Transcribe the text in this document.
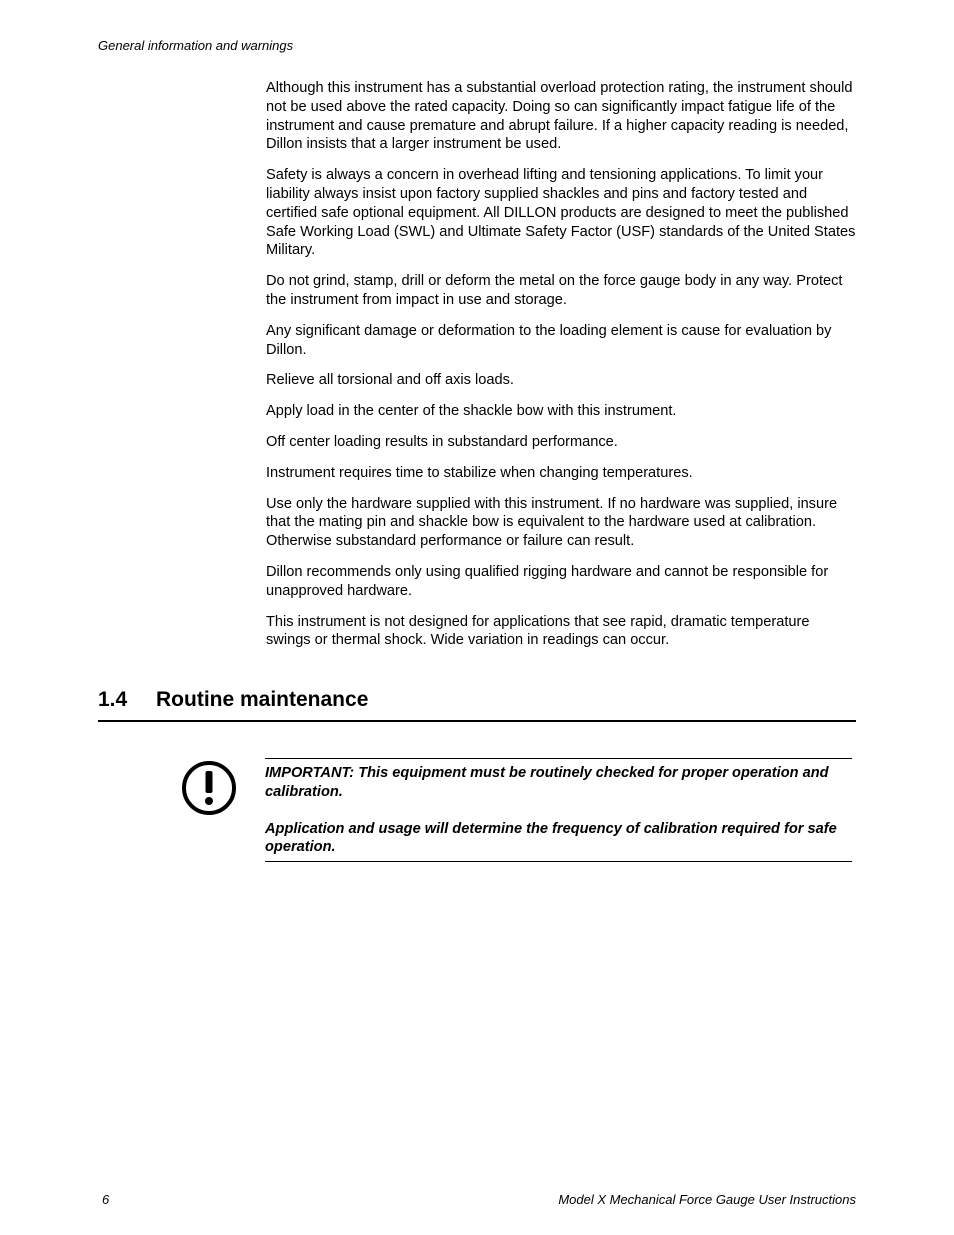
General information and warnings

Although this instrument has a substantial overload protection rating, the instrument should not be used above the rated capacity. Doing so can significantly impact fatigue life of the instrument and cause premature and abrupt failure. If a higher capacity reading is needed, Dillon insists that a larger instrument be used.

Safety is always a concern in overhead lifting and tensioning applications. To limit your liability always insist upon factory supplied shackles and pins and factory tested and certified safe optional equipment. All DILLON products are designed to meet the published Safe Working Load (SWL) and Ultimate Safety Factor (USF) standards of the United States Military.

Do not grind, stamp, drill or deform the metal on the force gauge body in any way. Protect the instrument from impact in use and storage.

Any significant damage or deformation to the loading element is cause for evaluation by Dillon.

Relieve all torsional and off axis loads.

Apply load in the center of the shackle bow with this instrument.

Off center loading results in substandard performance.

Instrument requires time to stabilize when changing temperatures.

Use only the hardware supplied with this instrument. If no hardware was supplied, insure that the mating pin and shackle bow is equivalent to the hardware used at calibration. Otherwise substandard performance or failure can result.

Dillon recommends only using qualified rigging hardware and cannot be responsible for unapproved hardware.

This instrument is not designed for applications that see rapid, dramatic temperature swings or thermal shock. Wide variation in readings can occur.

1.4 Routine maintenance

IMPORTANT: This equipment must be routinely checked for proper operation and calibration.

Application and usage will determine the frequency of calibration required for safe operation.

6	Model X Mechanical Force Gauge User Instructions
